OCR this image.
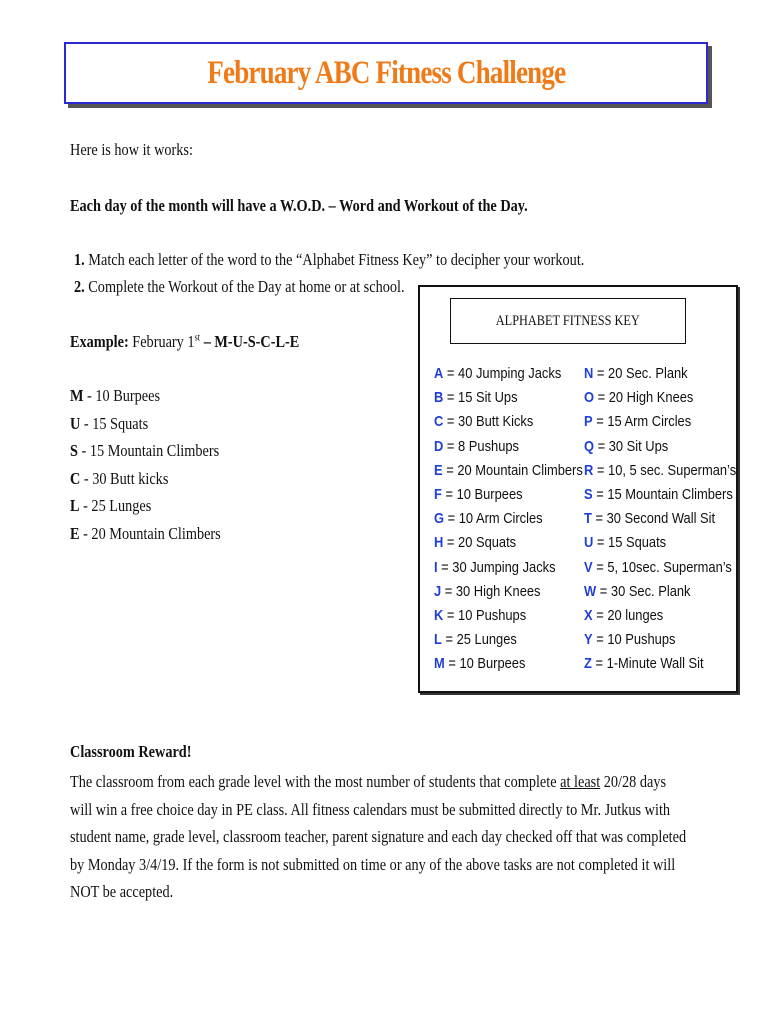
February ABC Fitness Challenge
Here is how it works:
Each day of the month will have a W.O.D. – Word and Workout of the Day.
1. Match each letter of the word to the “Alphabet Fitness Key” to decipher your workout.
2. Complete the Workout of the Day at home or at school.
Example: February 1st – M-U-S-C-L-E
M - 10 Burpees
U - 15 Squats
S - 15 Mountain Climbers
C - 30 Butt kicks
L - 25 Lunges
E - 20 Mountain Climbers
ALPHABET FITNESS KEY
A = 40 Jumping Jacks
B = 15 Sit Ups
C = 30 Butt Kicks
D = 8 Pushups
E = 20 Mountain Climbers
F = 10 Burpees
G = 10 Arm Circles
H = 20 Squats
I = 30 Jumping Jacks
J = 30 High Knees
K = 10 Pushups
L = 25 Lunges
M = 10 Burpees
N = 20 Sec. Plank
O = 20 High Knees
P = 15 Arm Circles
Q = 30 Sit Ups
R = 10, 5 sec. Superman’s
S = 15 Mountain Climbers
T = 30 Second Wall Sit
U = 15 Squats
V = 5, 10sec. Superman’s
W = 30 Sec. Plank
X = 20 lunges
Y = 10 Pushups
Z = 1-Minute Wall Sit
Classroom Reward!

The classroom from each grade level with the most number of students that complete at least 20/28 days will win a free choice day in PE class. All fitness calendars must be submitted directly to Mr. Jutkus with student name, grade level, classroom teacher, parent signature and each day checked off that was completed by Monday 3/4/19. If the form is not submitted on time or any of the above tasks are not completed it will NOT be accepted.
